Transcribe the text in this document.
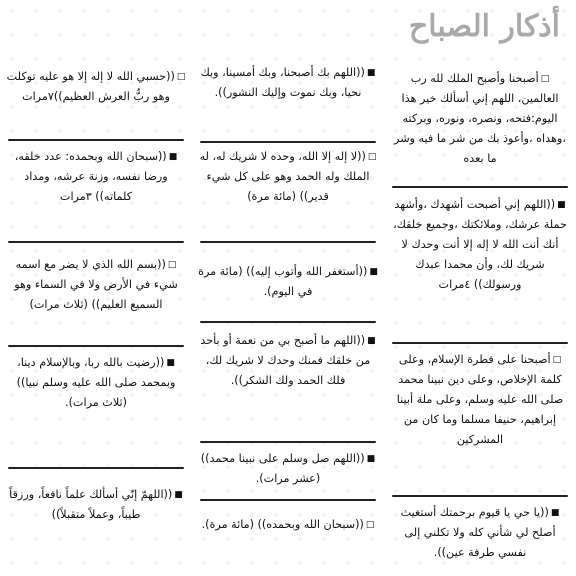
أذكار الصباح
□أصبحنا وأصبح الملك لله رب العالمين، اللهم إني أسألك خير هذا اليوم:فتحه، ونصره، ونوره، وبركته ،وهداه ،وأعوذ بك من شر ما فيه وشر ما بعده
■((اللهم إني أصبحت أشهدك ،وأشهد حملة عرشك، وملائكتك ،وجميع خلقك، أنك أنت الله لا إله إلا أنت وحدك لا شريك لك، وأن محمدا عبدك ورسولك)) ٤مرات
□أصبحنا على فطرة الإسلام، وعلى كلمة الإخلاص، وعلى دين نبينا محمد صلى الله عليه وسلم، وعلى ملة أبينا إبراهيم، حنيفا مسلما وما كان من المشركين
■((يا حي يا قيوم برحمتك أستغيث أصلح لي شأني كله ولا تكلني إلى نفسي طرفة عين)).
■((اللهم بك أصبحنا، وبك أمسينا، وبك نحيا، وبك نموت وإليك النشور)).
□((لا إله إلا الله، وحده لا شريك له، له الملك وله الحمد وهو على كل شيء قدير)) (مائة مرة)
■((أستغفر الله وأتوب إليه)) (مائة مرة في اليوم).
■((اللهم ما أصبح بي من نعمة أو بأحد من خلقك فمنك وحدك لا شريك لك، فلك الحمد ولك الشكر)).
■((اللهم صل وسلم على نبينا محمد)) (عشر مرات).
□((سبحان الله وبحمده)) (مائة مرة).
□((حسبي الله لا إله إلا هو عليه توكلت وهو ربُّ العرش العظيم))٧مرات
■((سبحان الله وبحمده: عدد خلقه، ورضا نفسه، وزنة عرشه، ومداد كلماته)) ٣مرات
□((بسم الله الذي لا يضر مع اسمه شيء في الأرض ولا في السماء وهو السميع العليم)) (ثلاث مرات)
■((رضيت بالله ربا، وبالإسلام دينا، وبمحمد صلى الله عليه وسلم نبيا)) (ثلاث مرات).
■((اللهمّ إنّي أسألك علماً نافعاً، ورزقاً طيباً، وعملاً متقبلاً))
